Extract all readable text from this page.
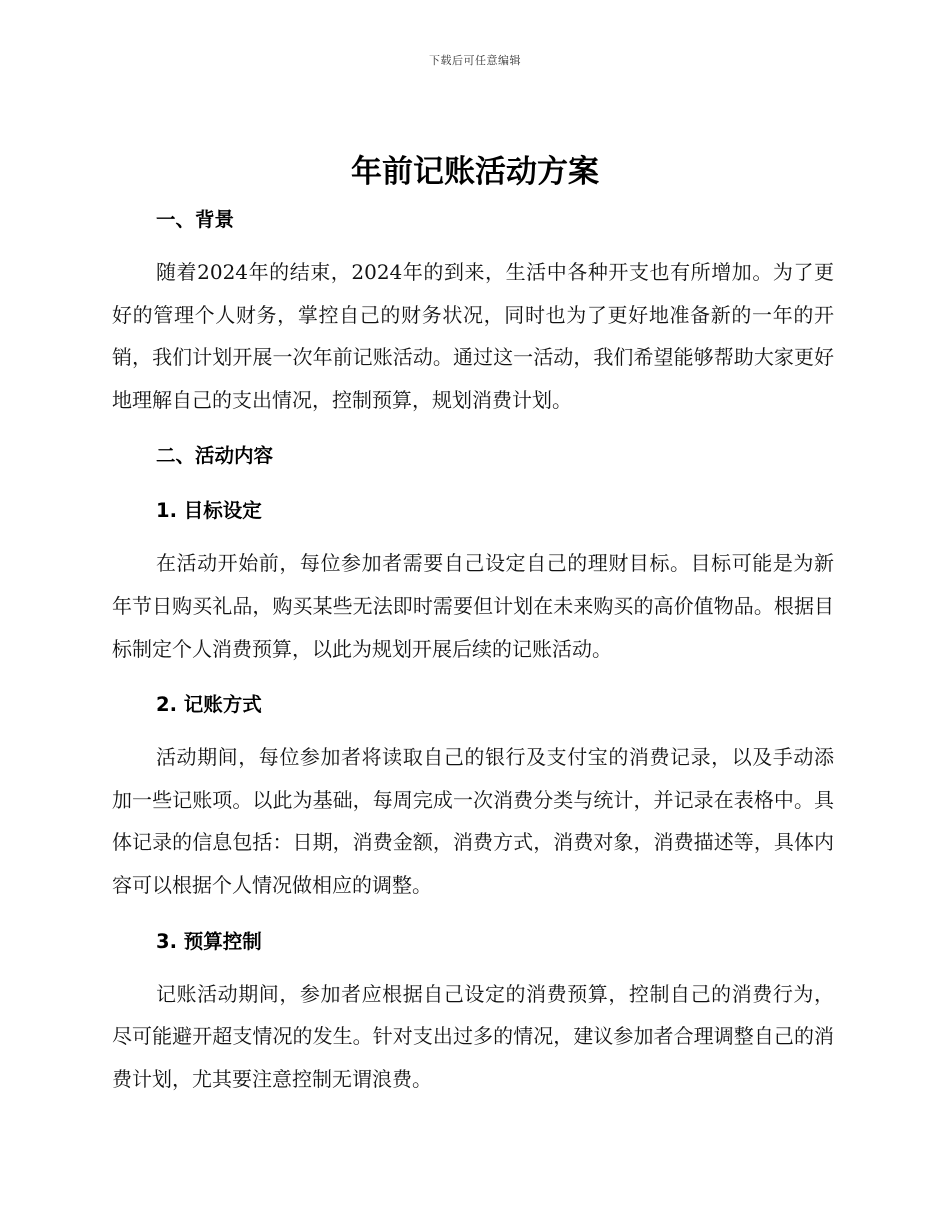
下载后可任意编辑
年前记账活动方案
一、背景

随着2024年的结束，2024年的到来，生活中各种开支也有所增加。为了更好的管理个人财务，掌控自己的财务状况，同时也为了更好地准备新的一年的开销，我们计划开展一次年前记账活动。通过这一活动，我们希望能够帮助大家更好地理解自己的支出情况，控制预算，规划消费计划。

二、活动内容
1. 目标设定

在活动开始前，每位参加者需要自己设定自己的理财目标。目标可能是为新年节日购买礼品，购买某些无法即时需要但计划在未来购买的高价值物品。根据目标制定个人消费预算，以此为规划开展后续的记账活动。

2. 记账方式

活动期间，每位参加者将读取自己的银行及支付宝的消费记录，以及手动添加一些记账项。以此为基础，每周完成一次消费分类与统计，并记录在表格中。具体记录的信息包括：日期，消费金额，消费方式，消费对象，消费描述等，具体内容可以根据个人情况做相应的调整。

3. 预算控制

记账活动期间，参加者应根据自己设定的消费预算，控制自己的消费行为，尽可能避开超支情况的发生。针对支出过多的情况，建议参加者合理调整自己的消费计划，尤其要注意控制无谓浪费。
